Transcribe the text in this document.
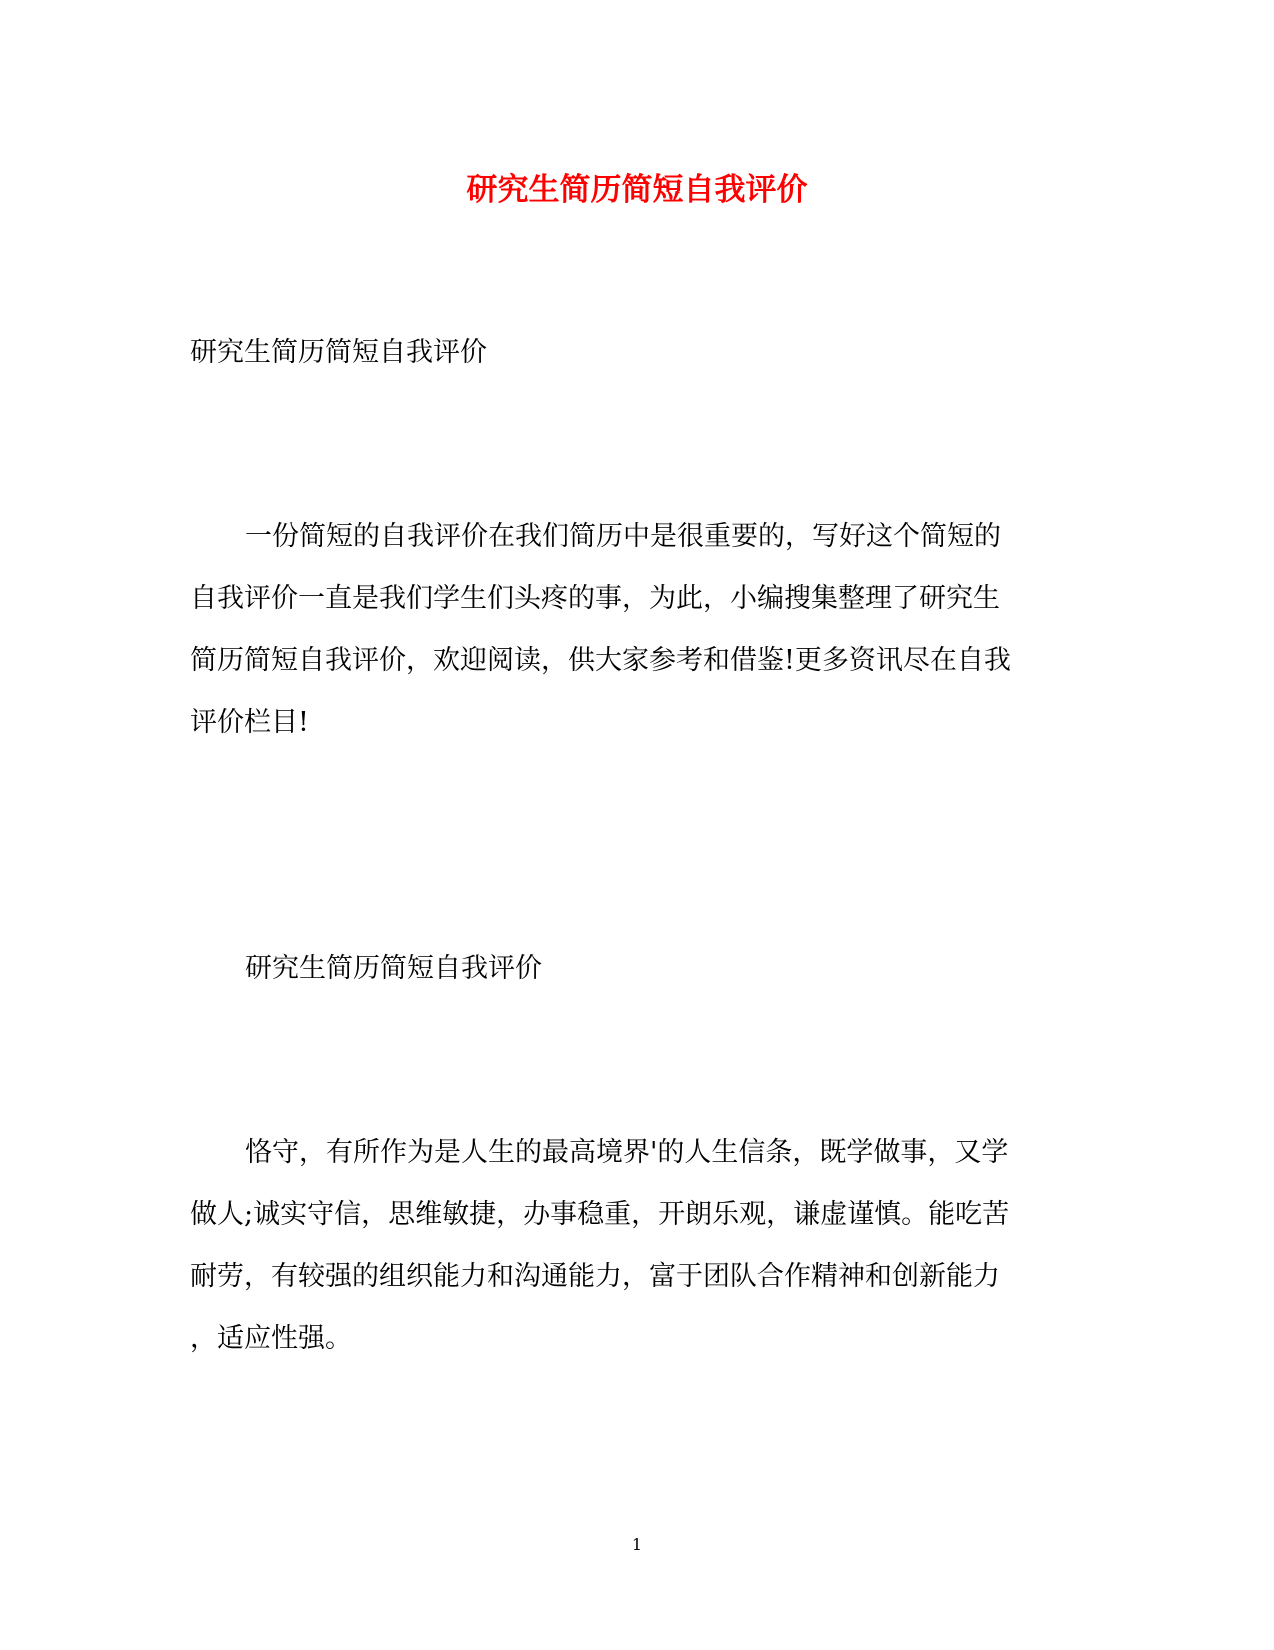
研究生简历简短自我评价

研究生简历简短自我评价

一份简短的自我评价在我们简历中是很重要的，写好这个简短的

自我评价一直是我们学生们头疼的事，为此，小编搜集整理了研究生

简历简短自我评价，欢迎阅读，供大家参考和借鉴!更多资讯尽在自我

评价栏目!

研究生简历简短自我评价

恪守，有所作为是人生的最高境界'的人生信条，既学做事，又学

做人;诚实守信，思维敏捷，办事稳重，开朗乐观，谦虚谨慎。能吃苦

耐劳，有较强的组织能力和沟通能力，富于团队合作精神和创新能力

，适应性强。

1
